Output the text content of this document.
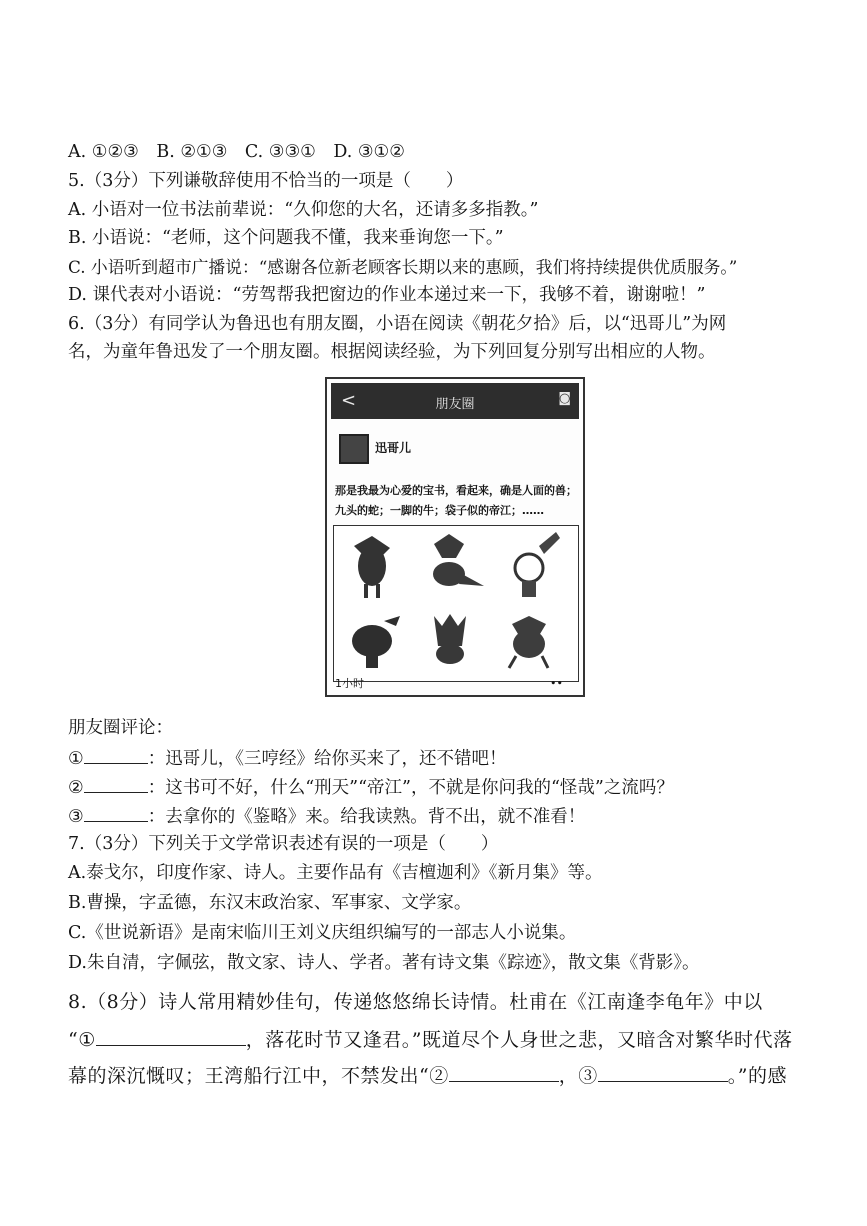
A. ①②③　B. ②①③　C. ③③①　D. ③①②
5.（3分）下列谦敬辞使用不恰当的一项是（　　）
A. 小语对一位书法前辈说：“久仰您的大名，还请多多指教。”
B. 小语说：“老师，这个问题我不懂，我来垂询您一下。”
C. 小语听到超市广播说：“感谢各位新老顾客长期以来的惠顾，我们将持续提供优质服务。”
D. 课代表对小语说：“劳驾帮我把窗边的作业本递过来一下，我够不着，谢谢啦！”
6.（3分）有同学认为鲁迅也有朋友圈，小语在阅读《朝花夕拾》后，以“迅哥儿”为网
名，为童年鲁迅发了一个朋友圈。根据阅读经验，为下列回复分别写出相应的人物。
<	朋友圈	◙
迅哥儿
那是我最为心爱的宝书，看起来，确是人面的兽；
九头的蛇；一脚的牛；袋子似的帝江；……
1小时	••
朋友圈评论：
①	：迅哥儿，《三哼经》给你买来了，还不错吧！
②	：这书可不好，什么“刑天”“帝江”，不就是你问我的“怪哉”之流吗？
③	：去拿你的《鉴略》来。给我读熟。背不出，就不准看！
7.（3分）下列关于文学常识表述有误的一项是（　　）
A.泰戈尔，印度作家、诗人。主要作品有《吉檀迦利》《新月集》等。
B.曹操，字孟德，东汉末政治家、军事家、文学家。
C.《世说新语》是南宋临川王刘义庆组织编写的一部志人小说集。
D.朱自清，字佩弦，散文家、诗人、学者。著有诗文集《踪迹》，散文集《背影》。
8.（8分）诗人常用精妙佳句，传递悠悠绵长诗情。杜甫在《江南逢李龟年》中以
“①	，落花时节又逢君。”既道尽个人身世之悲，又暗含对繁华时代落
幕的深沉慨叹；王湾船行江中，不禁发出“②	，③	。”的感
